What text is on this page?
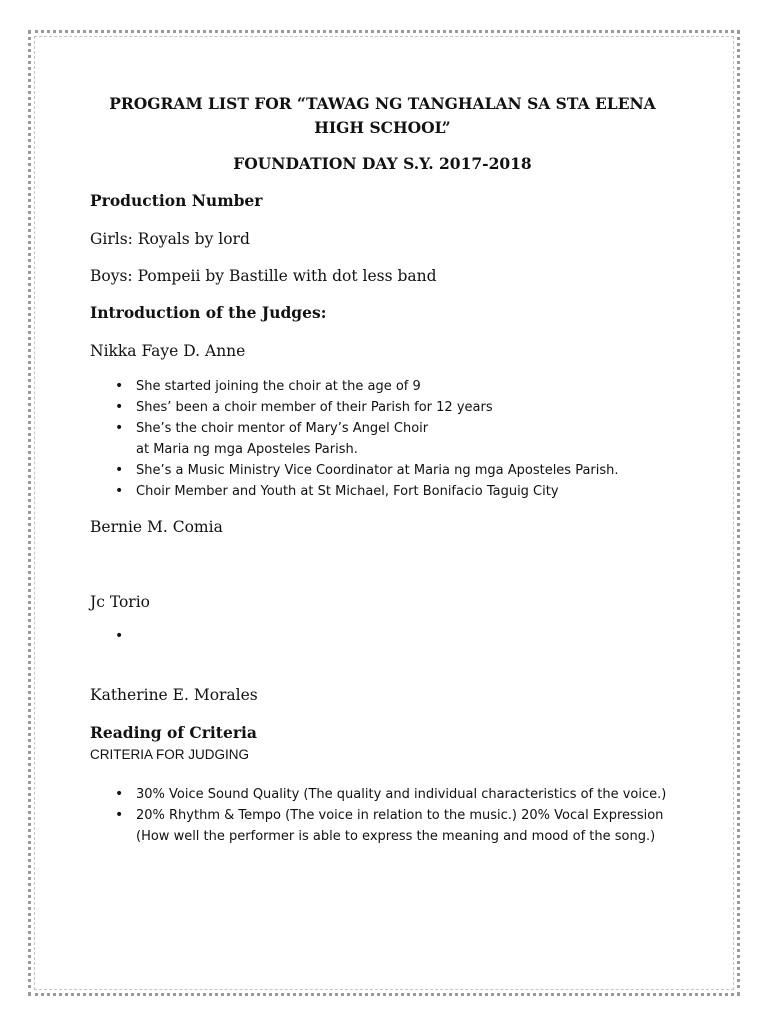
PROGRAM LIST FOR “TAWAG NG TANGHALAN SA STA ELENA HIGH SCHOOL”

FOUNDATION DAY S.Y. 2017-2018

Production Number

Girls: Royals by lord

Boys: Pompeii by Bastille with dot less band

Introduction of the Judges:

Nikka Faye D. Anne

• She started joining the choir at the age of 9
• Shes’ been a choir member of their Parish for 12 years
• She’s the choir mentor of Mary’s Angel Choir
at Maria ng mga Aposteles Parish.
• She’s a Music Ministry Vice Coordinator at Maria ng mga Aposteles Parish.
• Choir Member and Youth at St Michael, Fort Bonifacio Taguig City

Bernie M. Comia

Jc Torio

Katherine E. Morales

Reading of Criteria

CRITERIA FOR JUDGING

• 30% Voice Sound Quality (The quality and individual characteristics of the voice.)
• 20% Rhythm & Tempo (The voice in relation to the music.) 20% Vocal Expression (How well the performer is able to express the meaning and mood of the song.)
